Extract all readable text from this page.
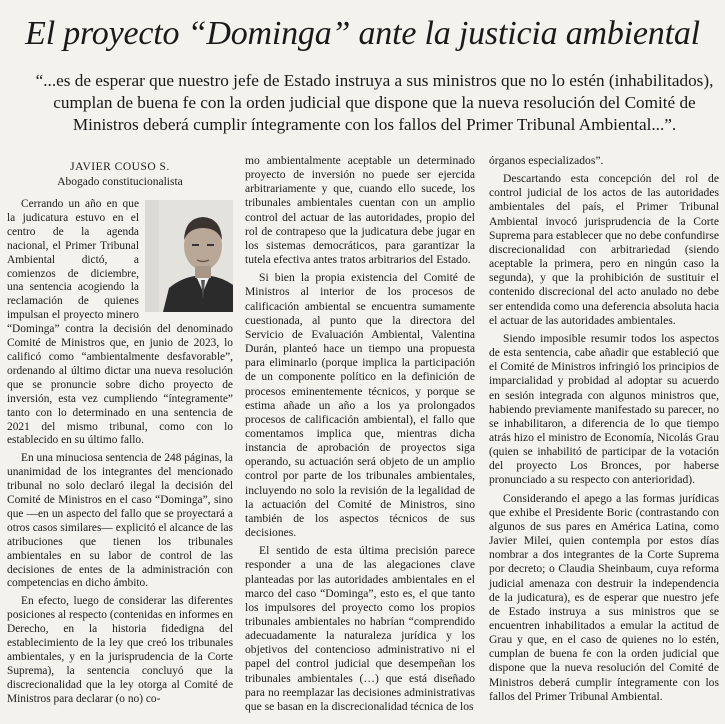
El proyecto “Dominga” ante la justicia ambiental
“...es de esperar que nuestro jefe de Estado instruya a sus ministros que no lo estén (inhabilitados), cumplan de buena fe con la orden judicial que dispone que la nueva resolución del Comité de Ministros deberá cumplir íntegramente con los fallos del Primer Tribunal Ambiental...”.
JAVIER COUSO S.
Abogado constitucionalista

Cerrando un año en que la judicatura estuvo en el centro de la agenda nacional, el Primer Tribunal Ambiental dictó, a comienzos de diciembre, una sentencia acogiendo la reclamación de quienes impulsan el proyecto minero “Dominga” contra la decisión del denominado Comité de Ministros que, en junio de 2023, lo calificó como “ambientalmente desfavorable”, ordenando al último dictar una nueva resolución que se pronuncie sobre dicho proyecto de inversión, esta vez cumpliendo “íntegramente” tanto con lo determinado en una sentencia de 2021 del mismo tribunal, como con lo establecido en su último fallo.

En una minuciosa sentencia de 248 páginas, la unanimidad de los integrantes del mencionado tribunal no solo declaró ilegal la decisión del Comité de Ministros en el caso “Dominga”, sino que —en un aspecto del fallo que se proyectará a otros casos similares— explicitó el alcance de las atribuciones que tienen los tribunales ambientales en su labor de control de las decisiones de entes de la administración con competencias en dicho ámbito.

En efecto, luego de considerar las diferentes posiciones al respecto (contenidas en informes en Derecho, en la historia fidedigna del establecimiento de la ley que creó los tribunales ambientales, y en la jurisprudencia de la Corte Suprema), la sentencia concluyó que la discrecionalidad que la ley otorga al Comité de Ministros para declarar (o no) co-

mo ambientalmente aceptable un determinado proyecto de inversión no puede ser ejercida arbitrariamente y que, cuando ello sucede, los tribunales ambientales cuentan con un amplio control del actuar de las autoridades, propio del rol de contrapeso que la judicatura debe jugar en los sistemas democráticos, para garantizar la tutela efectiva antes tratos arbitrarios del Estado.

Si bien la propia existencia del Comité de Ministros al interior de los procesos de calificación ambiental se encuentra sumamente cuestionada, al punto que la directora del Servicio de Evaluación Ambiental, Valentina Durán, planteó hace un tiempo una propuesta para eliminarlo (porque implica la participación de un componente político en la definición de procesos eminentemente técnicos, y porque se estima añade un año a los ya prolongados procesos de calificación ambiental), el fallo que comentamos implica que, mientras dicha instancia de aprobación de proyectos siga operando, su actuación será objeto de un amplio control por parte de los tribunales ambientales, incluyendo no solo la revisión de la legalidad de la actuación del Comité de Ministros, sino también de los aspectos técnicos de sus decisiones.

El sentido de esta última precisión parece responder a una de las alegaciones clave planteadas por las autoridades ambientales en el marco del caso “Dominga”, esto es, el que tanto los impulsores del proyecto como los propios tribunales ambientales no habrían “comprendido adecuadamente la naturaleza jurídica y los objetivos del contencioso administrativo ni el papel del control judicial que desempeñan los tribunales ambientales (…) que está diseñado para no reemplazar las decisiones administrativas que se basan en la discrecionalidad técnica de los

órganos especializados”.

Descartando esta concepción del rol de control judicial de los actos de las autoridades ambientales del país, el Primer Tribunal Ambiental invocó jurisprudencia de la Corte Suprema para establecer que no debe confundirse discrecionalidad con arbitrariedad (siendo aceptable la primera, pero en ningún caso la segunda), y que la prohibición de sustituir el contenido discrecional del acto anulado no debe ser entendida como una deferencia absoluta hacia el actuar de las autoridades ambientales.

Siendo imposible resumir todos los aspectos de esta sentencia, cabe añadir que estableció que el Comité de Ministros infringió los principios de imparcialidad y probidad al adoptar su acuerdo en sesión integrada con algunos ministros que, habiendo previamente manifestado su parecer, no se inhabilitaron, a diferencia de lo que tiempo atrás hizo el ministro de Economía, Nicolás Grau (quien se inhabilitó de participar de la votación del proyecto Los Bronces, por haberse pronunciado a su respecto con anterioridad).

Considerando el apego a las formas jurídicas que exhibe el Presidente Boric (contrastando con algunos de sus pares en América Latina, como Javier Milei, quien contempla por estos días nombrar a dos integrantes de la Corte Suprema por decreto; o Claudia Sheinbaum, cuya reforma judicial amenaza con destruir la independencia de la judicatura), es de esperar que nuestro jefe de Estado instruya a sus ministros que se encuentren inhabilitados a emular la actitud de Grau y que, en el caso de quienes no lo estén, cumplan de buena fe con la orden judicial que dispone que la nueva resolución del Comité de Ministros deberá cumplir íntegramente con los fallos del Primer Tribunal Ambiental.
